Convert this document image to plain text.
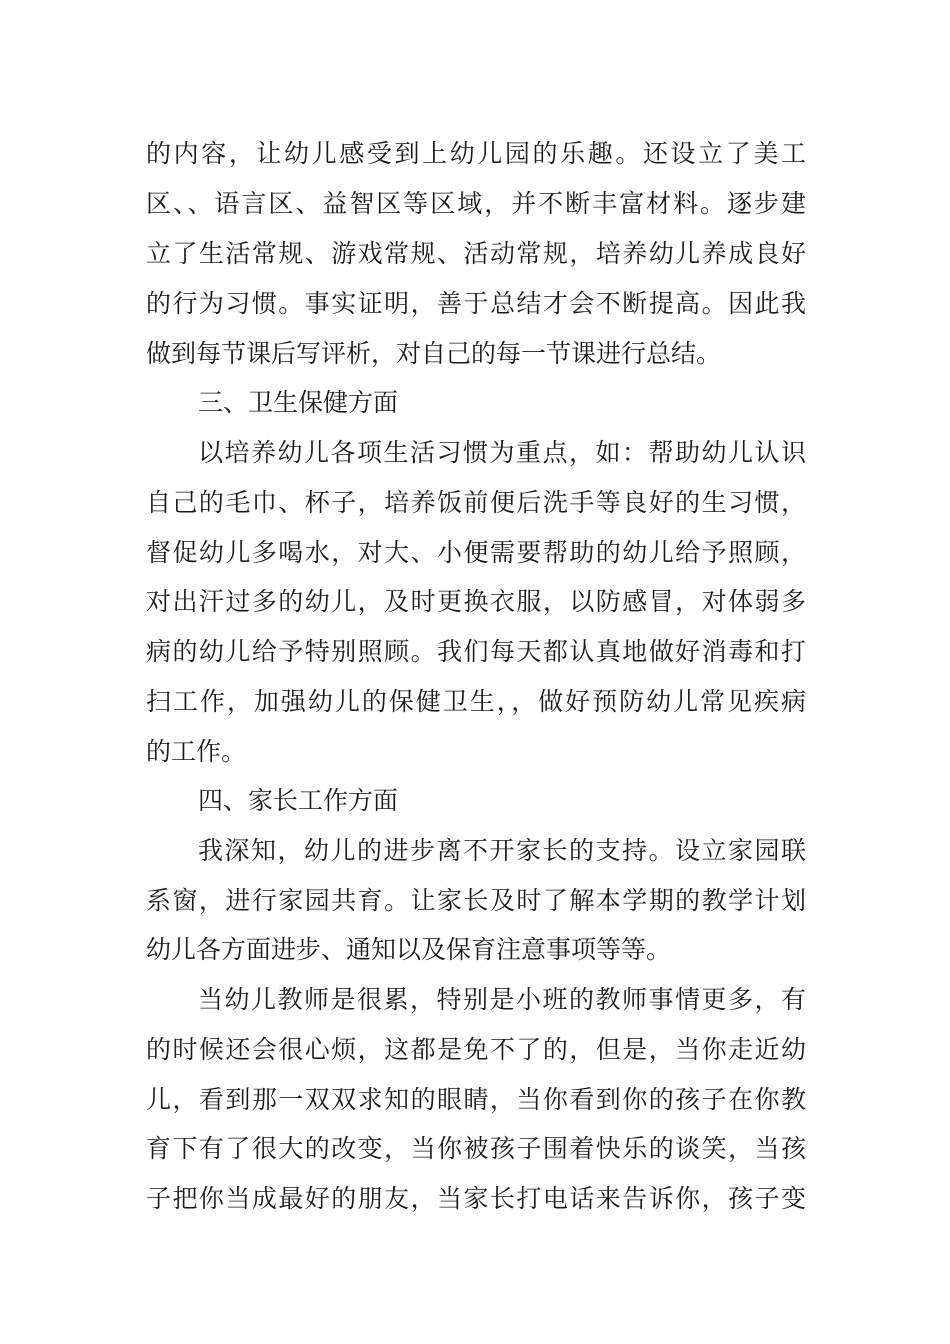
的内容，让幼儿感受到上幼儿园的乐趣。还设立了美工
区、、语言区、益智区等区域，并不断丰富材料。逐步建
立了生活常规、游戏常规、活动常规，培养幼儿养成良好
的行为习惯。事实证明，善于总结才会不断提高。因此我
做到每节课后写评析，对自己的每一节课进行总结。
三、卫生保健方面
以培养幼儿各项生活习惯为重点，如：帮助幼儿认识
自己的毛巾、杯子，培养饭前便后洗手等良好的生习惯，
督促幼儿多喝水，对大、小便需要帮助的幼儿给予照顾，
对出汗过多的幼儿，及时更换衣服，以防感冒，对体弱多
病的幼儿给予特别照顾。我们每天都认真地做好消毒和打
扫工作，加强幼儿的保健卫生，，做好预防幼儿常见疾病
的工作。
四、家长工作方面
我深知，幼儿的进步离不开家长的支持。设立家园联
系窗，进行家园共育。让家长及时了解本学期的教学计划
幼儿各方面进步、通知以及保育注意事项等等。
当幼儿教师是很累，特别是小班的教师事情更多，有
的时候还会很心烦，这都是免不了的，但是，当你走近幼
儿，看到那一双双求知的眼睛，当你看到你的孩子在你教
育下有了很大的改变，当你被孩子围着快乐的谈笑，当孩
子把你当成最好的朋友，当家长打电话来告诉你，孩子变
